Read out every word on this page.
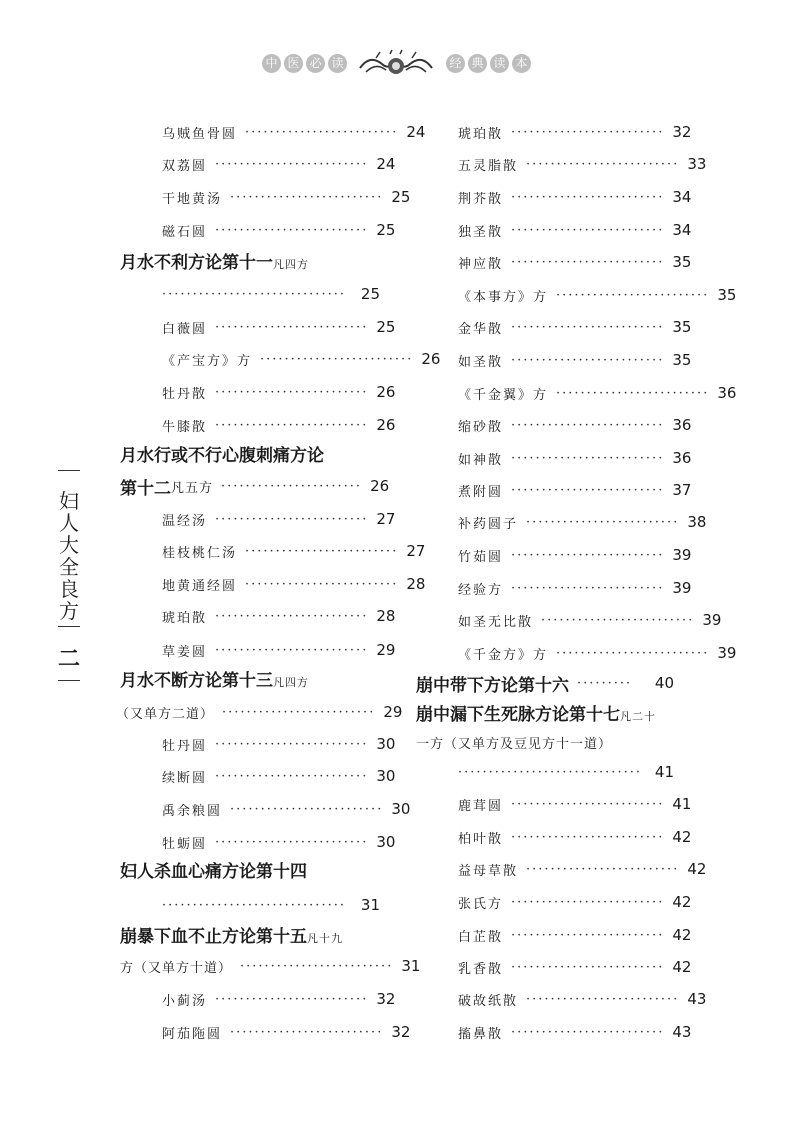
中 医 必 读	经 典 读 本
妇
人
大
全
良
方
二
乌贼鱼骨圆 ························· 24
双荔圆 ························· 24
干地黄汤 ························· 25
磁石圆 ························· 25
月水不利方论第十一凡四方
······························ 25
白薇圆 ························· 25
《产宝方》方 ························· 26
牡丹散 ························· 26
牛膝散 ························· 26
月水行或不行心腹刺痛方论
第十二 凡五方 ······················· 26
温经汤 ························· 27
桂枝桃仁汤 ························· 27
地黄通经圆 ························· 28
琥珀散 ························· 28
草姜圆 ························· 29
月水不断方论第十三凡四方
（又单方二道） ························· 29
牡丹圆 ························· 30
续断圆 ························· 30
禹余粮圆 ························· 30
牡蛎圆 ························· 30
妇人杀血心痛方论第十四
······························ 31
崩暴下血不止方论第十五凡十九
方（又单方十道） ························· 31
小蓟汤 ························· 32
阿茄陁圆 ························· 32
琥珀散 ························· 32
五灵脂散 ························· 33
荆芥散 ························· 34
独圣散 ························· 34
神应散 ························· 35
《本事方》方 ························· 35
金华散 ························· 35
如圣散 ························· 35
《千金翼》方 ························· 36
缩砂散 ························· 36
如神散 ························· 36
煮附圆 ························· 37
补药圆子 ························· 38
竹茹圆 ························· 39
经验方 ························· 39
如圣无比散 ························· 39
《千金方》方 ························· 39
崩中带下方论第十六 ·········	40
崩中漏下生死脉方论第十七凡二十
一方（又单方及豆见方十一道）
······························ 41
鹿茸圆 ························· 41
柏叶散 ························· 42
益母草散 ························· 42
张氏方 ························· 42
白芷散 ························· 42
乳香散 ························· 42
破故纸散 ························· 43
搐鼻散 ························· 43
